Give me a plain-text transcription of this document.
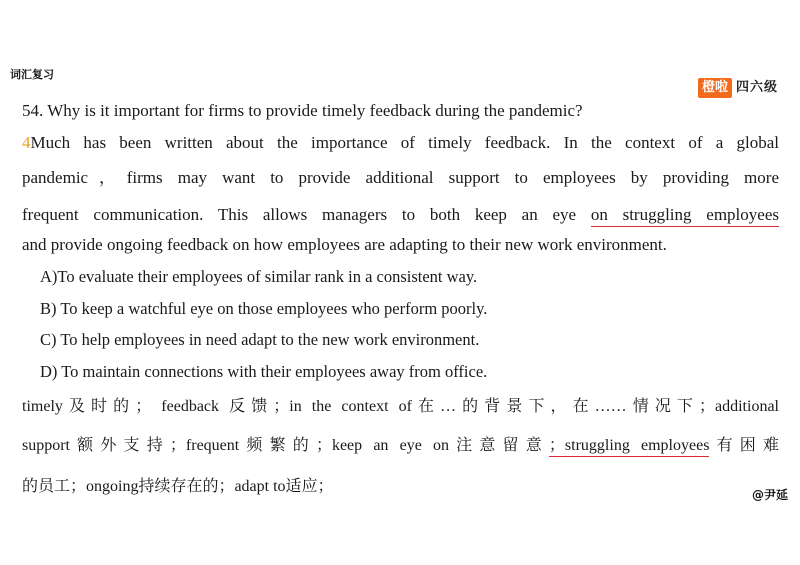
词汇复习
橙啦 四六级
54. Why is it important for firms to provide timely feedback during the pandemic?
4Much has been written about the importance of timely feedback. In the context of a global
pandemic，firms may want to provide additional support to employees by providing more
frequent communication. This allows managers to both keep an eye on struggling employees
and provide ongoing feedback on how employees are adapting to their new work environment.
A)To evaluate their employees of similar rank in a consistent way.
B) To keep a watchful eye on those employees who perform poorly.
C) To help employees in need adapt to the new work environment.
D) To maintain connections with their employees away from office.
timely及时的； feedback 反馈；in the context of在…的背景下，在……情况下；additional
support额外支持；frequent频繁的；keep an eye on注意留意；struggling employees有困难
的员工；ongoing持续存在的；adapt to适应；	@尹延
